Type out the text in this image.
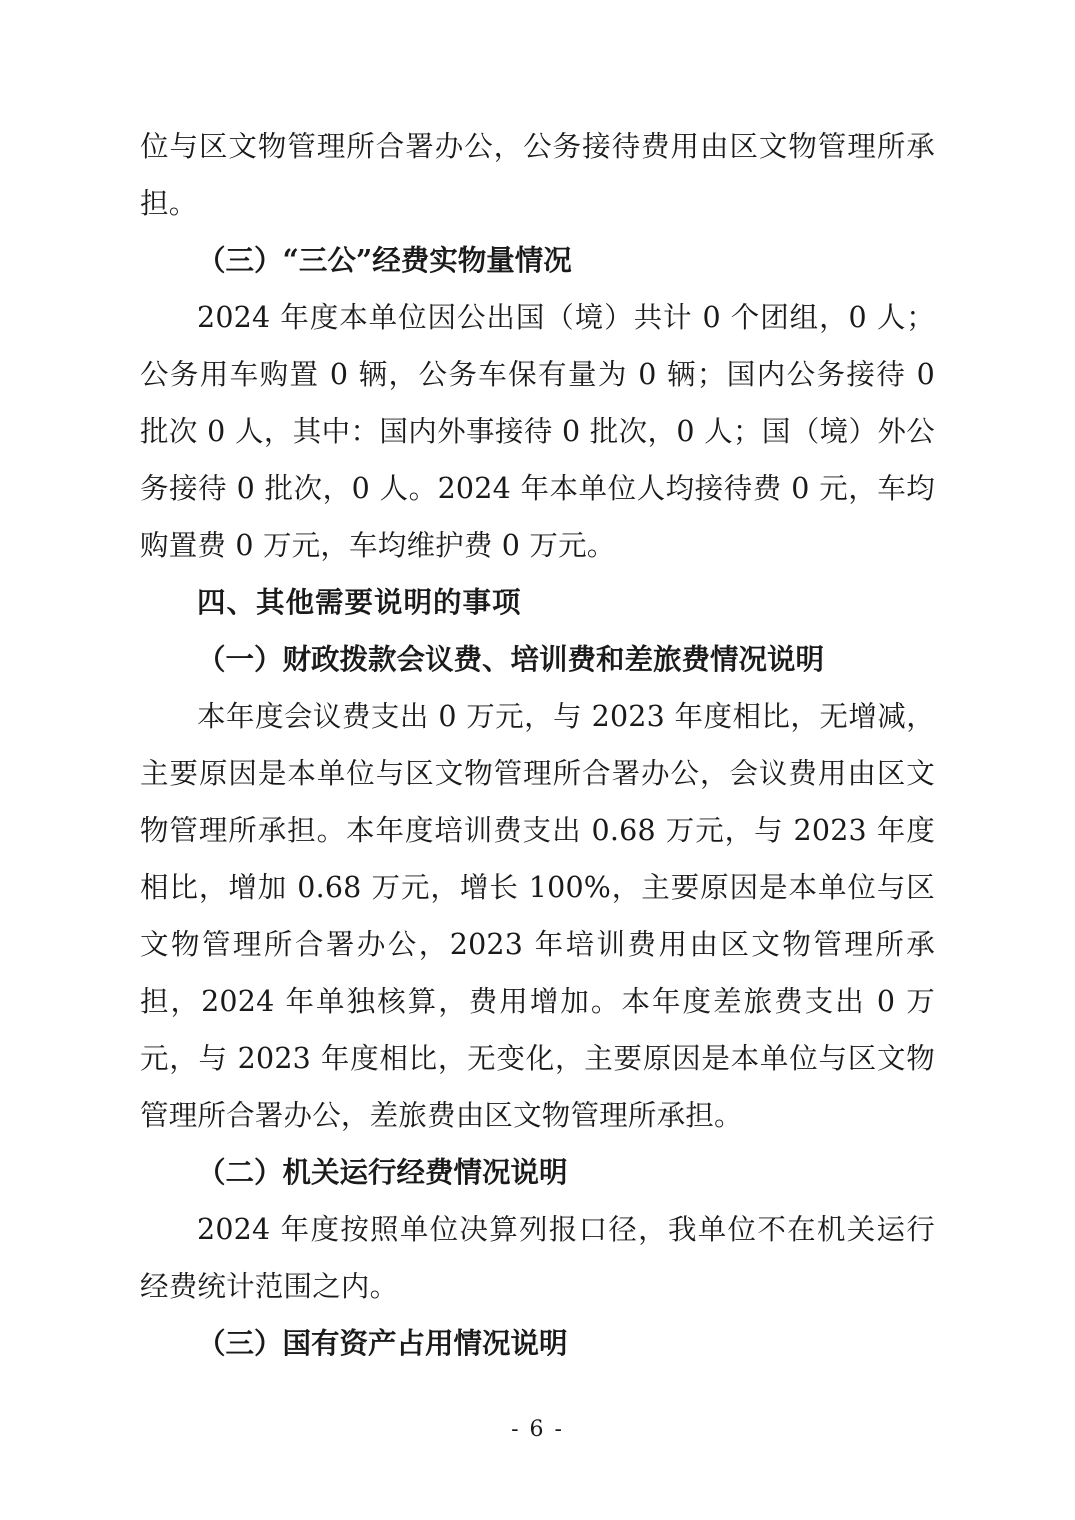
位与区文物管理所合署办公，公务接待费用由区文物管理所承担。

（三）“三公”经费实物量情况

2024 年度本单位因公出国（境）共计 0 个团组，0 人；公务用车购置 0 辆，公务车保有量为 0 辆；国内公务接待 0 批次 0 人，其中：国内外事接待 0 批次，0 人；国（境）外公务接待 0 批次，0 人。2024 年本单位人均接待费 0 元，车均购置费 0 万元，车均维护费 0 万元。

四、其他需要说明的事项

（一）财政拨款会议费、培训费和差旅费情况说明

本年度会议费支出 0 万元，与 2023 年度相比，无增减，主要原因是本单位与区文物管理所合署办公，会议费用由区文物管理所承担。本年度培训费支出 0.68 万元，与 2023 年度相比，增加 0.68 万元，增长 100%，主要原因是本单位与区文物管理所合署办公，2023 年培训费用由区文物管理所承担，2024 年单独核算，费用增加。本年度差旅费支出 0 万元，与 2023 年度相比，无变化，主要原因是本单位与区文物管理所合署办公，差旅费由区文物管理所承担。

（二）机关运行经费情况说明

2024 年度按照单位决算列报口径，我单位不在机关运行经费统计范围之内。

（三）国有资产占用情况说明

- 6 -
